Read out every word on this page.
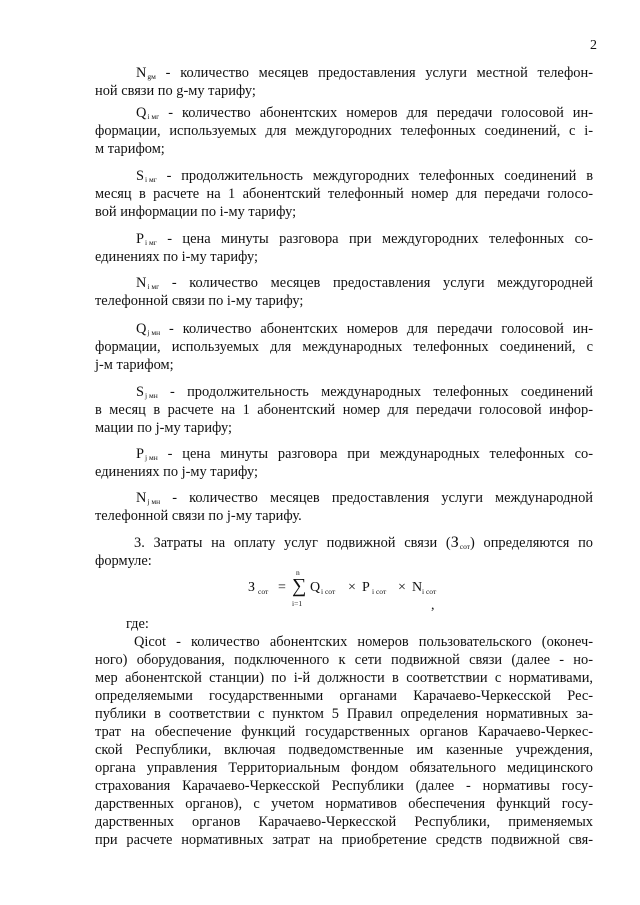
2
$N_{gм}$ - количество месяцев предоставления услуги местной телефон-
ной связи по g-му тарифу;
$Q_{i мг}$ - количество абонентских номеров для передачи голосовой ин-
формации, используемых для междугородних телефонных соединений, с i-
м тарифом;
$S_{i мг}$ - продолжительность междугородних телефонных соединений в
месяц в расчете на 1 абонентский телефонный номер для передачи голосо-
вой информации по i-му тарифу;
$P_{i мг}$ - цена минуты разговора при междугородних телефонных со-
единениях по i-му тарифу;
$N_{i мг}$ - количество месяцев предоставления услуги междугородней
телефонной связи по i-му тарифу;
$Q_{j мн}$ - количество абонентских номеров для передачи голосовой ин-
формации, используемых для международных телефонных соединений, с
j-м тарифом;
$S_{j мн}$ - продолжительность международных телефонных соединений
в месяц в расчете на 1 абонентский номер для передачи голосовой инфор-
мации по j-му тарифу;
$P_{j мн}$ - цена минуты разговора при международных телефонных со-
единениях по j-му тарифу;
$N_{j мн}$ - количество месяцев предоставления услуги международной
телефонной связи по j-му тарифу.
3. Затраты на оплату услуг подвижной связи $(З_{сот})$ определяются по
формуле:
З сот =
n
∑
i=1
Q i сот × P i сот × N i сот
,
где:
Qicot - количество абонентских номеров пользовательского (оконеч-
ного) оборудования, подключенного к сети подвижной связи (далее - но-
мер абонентской станции) по i-й должности в соответствии с нормативами,
определяемыми государственными органами Карачаево-Черкесской Рес-
публики в соответствии с пунктом 5 Правил определения нормативных за-
трат на обеспечение функций государственных органов Карачаево-Черкес-
ской Республики, включая подведомственные им казенные учреждения,
органа управления Территориальным фондом обязательного медицинского
страхования Карачаево-Черкесской Республики (далее - нормативы госу-
дарственных органов), с учетом нормативов обеспечения функций госу-
дарственных органов Карачаево-Черкесской Республики, применяемых
при расчете нормативных затрат на приобретение средств подвижной свя-
